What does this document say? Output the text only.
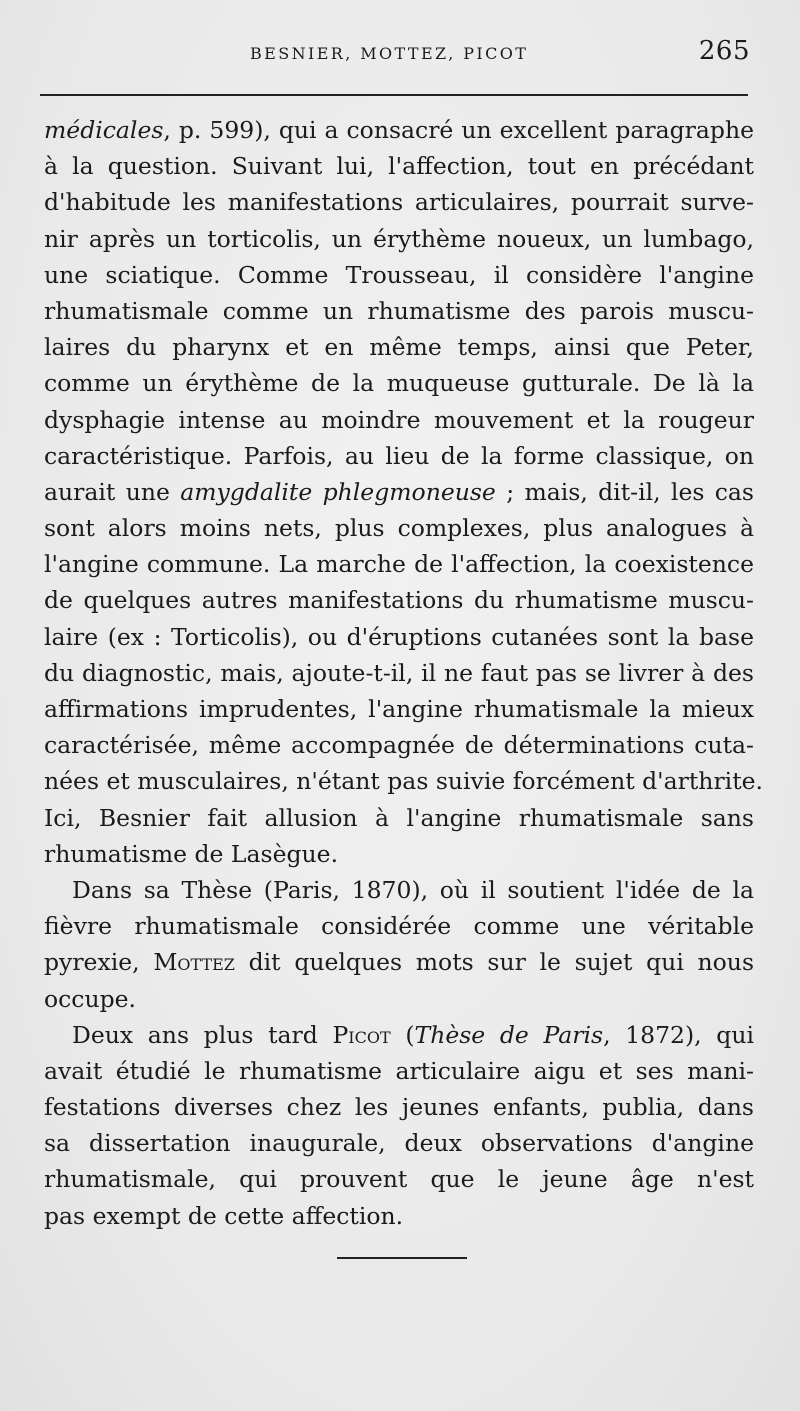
BESNIER, MOTTEZ, PICOT	265
médicales, p. 599), qui a consacré un excellent paragraphe
à la question. Suivant lui, l'affection, tout en précédant
d'habitude les manifestations articulaires, pourrait surve-
nir après un torticolis, un érythème noueux, un lumbago,
une sciatique. Comme Trousseau, il considère l'angine
rhumatismale comme un rhumatisme des parois muscu-
laires du pharynx et en même temps, ainsi que Peter,
comme un érythème de la muqueuse gutturale. De là la
dysphagie intense au moindre mouvement et la rougeur
caractéristique. Parfois, au lieu de la forme classique, on
aurait une amygdalite phlegmoneuse ; mais, dit-il, les cas
sont alors moins nets, plus complexes, plus analogues à
l'angine commune. La marche de l'affection, la coexistence
de quelques autres manifestations du rhumatisme muscu-
laire (ex : Torticolis), ou d'éruptions cutanées sont la base
du diagnostic, mais, ajoute-t-il, il ne faut pas se livrer à des
affirmations imprudentes, l'angine rhumatismale la mieux
caractérisée, même accompagnée de déterminations cuta-
nées et musculaires, n'étant pas suivie forcément d'arthrite.
Ici, Besnier fait allusion à l'angine rhumatismale sans
rhumatisme de Lasègue.
Dans sa Thèse (Paris, 1870), où il soutient l'idée de la
fièvre rhumatismale considérée comme une véritable
pyrexie, Mottez dit quelques mots sur le sujet qui nous
occupe.
Deux ans plus tard Picot (Thèse de Paris, 1872), qui
avait étudié le rhumatisme articulaire aigu et ses mani-
festations diverses chez les jeunes enfants, publia, dans
sa dissertation inaugurale, deux observations d'angine
rhumatismale, qui prouvent que le jeune âge n'est
pas exempt de cette affection.
